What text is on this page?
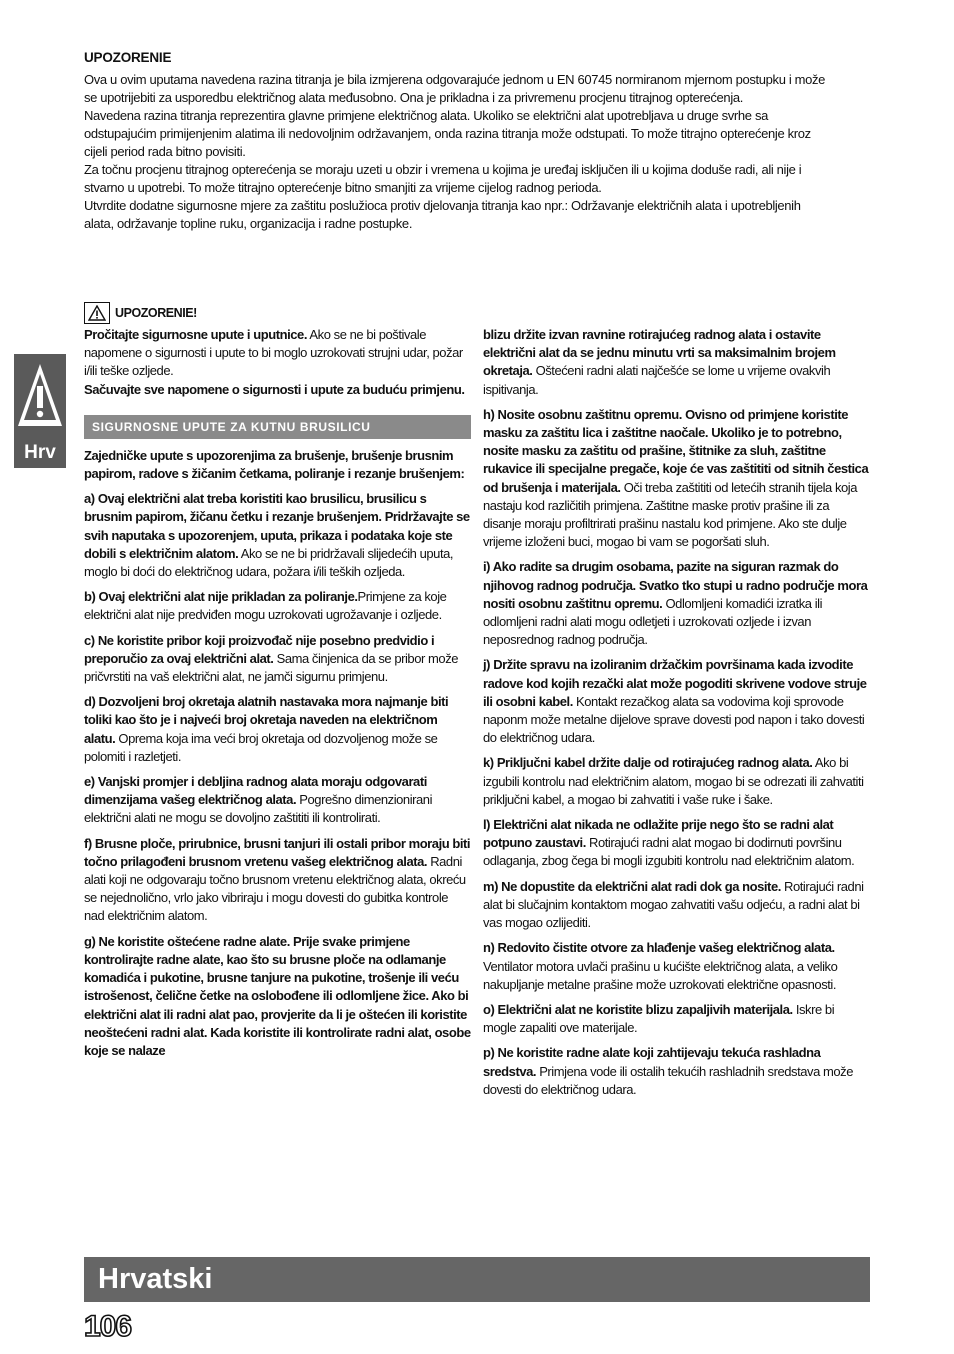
UPOZORENIE

Ova u ovim uputama navedena razina titranja je bila izmjerena odgovarajuće jednom u EN 60745 normiranom mjernom postupku i može

se upotrijebiti za usporedbu električnog alata međusobno. Ona je prikladna i za privremenu procjenu titrajnog opterećenja.

Navedena razina titranja reprezentira glavne primjene električnog alata. Ukoliko se električni alat upotrebljava u druge svrhe sa

odstupajućim primijenjenim alatima ili nedovoljnim održavanjem, onda razina titranja može odstupati. To može titrajno opterećenje kroz

cijeli period rada bitno povisiti.

Za točnu procjenu titrajnog opterećenja se moraju uzeti u obzir i vremena u kojima je uređaj isključen ili u kojima doduše radi, ali nije i

stvarno u upotrebi. To može titrajno opterećenje bitno smanjiti za vrijeme cijelog radnog perioda.

Utvrdite dodatne sigurnosne mjere za zaštitu poslužioca protiv djelovanja titranja kao npr.: Održavanje električnih alata i upotrebljenih

alata, održavanje topline ruku, organizacija i radne postupke.

Hrv
UPOZORENIE!

Pročitajte sigurnosne upute i uputnice. Ako se ne bi poštivale napomene o sigurnosti i upute to bi moglo uzrokovati strujni udar, požar i/ili teške ozljede.

Sačuvajte sve napomene o sigurnosti i upute za buduću primjenu.

SIGURNOSNE UPUTE ZA KUTNU BRUSILICU

Zajedničke upute s upozorenjima za brušenje, brušenje brusnim papirom, radove s žičanim četkama, poliranje i rezanje brušenjem:

a) Ovaj električni alat treba koristiti kao brusilicu, brusilicu s brusnim papirom, žičanu četku i rezanje brušenjem. Pridržavajte se svih naputaka s upozorenjem, uputa, prikaza i podataka koje ste dobili s električnim alatom. Ako se ne bi pridržavali slijedećih uputa, moglo bi doći do električnog udara, požara i/ili teških ozljeda.

b) Ovaj električni alat nije prikladan za poliranje.Primjene za koje električni alat nije predviđen mogu uzrokovati ugrožavanje i ozljede.

c) Ne koristite pribor koji proizvođač nije posebno predvidio i preporučio za ovaj električni alat. Sama činjenica da se pribor može pričvrstiti na vaš električni alat, ne jamči sigurnu primjenu.

d) Dozvoljeni broj okretaja alatnih nastavaka mora najmanje biti toliki kao što je i najveći broj okretaja naveden na električnom alatu. Oprema koja ima veći broj okretaja od dozvoljenog može se polomiti i razletjeti.

e) Vanjski promjer i debljina radnog alata moraju odgovarati dimenzijama vašeg električnog alata. Pogrešno dimenzionirani električni alati ne mogu se dovoljno zaštititi ili kontrolirati.

f) Brusne ploče, prirubnice, brusni tanjuri ili ostali pribor moraju biti točno prilagođeni brusnom vretenu vašeg električnog alata. Radni alati koji ne odgovaraju točno brusnom vretenu električnog alata, okreću se nejednolično, vrlo jako vibriraju i mogu dovesti do gubitka kontrole nad električnim alatom.

g) Ne koristite oštećene radne alate. Prije svake primjene kontrolirajte radne alate, kao što su brusne ploče na odlamanje komadića i pukotine, brusne tanjure na pukotine, trošenje ili veću istrošenost, čelične četke na oslobođene ili odlomljene žice. Ako bi električni alat ili radni alat pao, provjerite da li je oštećen ili koristite neoštećeni radni alat. Kada koristite ili kontrolirate radni alat, osobe koje se nalaze

blizu držite izvan ravnine rotirajućeg radnog alata i ostavite električni alat da se jednu minutu vrti sa maksimalnim brojem okretaja. Oštećeni radni alati najčešće se lome u vrijeme ovakvih ispitivanja.

h) Nosite osobnu zaštitnu opremu. Ovisno od primjene koristite masku za zaštitu lica i zaštitne naočale. Ukoliko je to potrebno, nosite masku za zaštitu od prašine, štitnike za sluh, zaštitne rukavice ili specijalne pregače, koje će vas zaštititi od sitnih čestica od brušenja i materijala. Oči treba zaštititi od letećih stranih tijela koja nastaju kod različitih primjena. Zaštitne maske protiv prašine ili za disanje moraju profiltrirati prašinu nastalu kod primjene. Ako ste dulje vrijeme izloženi buci, mogao bi vam se pogoršati sluh.

i) Ako radite sa drugim osobama, pazite na siguran razmak do njihovog radnog područja. Svatko tko stupi u radno područje mora nositi osobnu zaštitnu opremu. Odlomljeni komadići izratka ili odlomljeni radni alati mogu odletjeti i uzrokovati ozljede i izvan neposrednog radnog područja.

j) Držite spravu na izoliranim držačkim površinama kada izvodite radove kod kojih rezački alat može pogoditi skrivene vodove struje ili osobni kabel. Kontakt rezačkog alata sa vodovima koji sprovode naponm može metalne dijelove sprave dovesti pod napon i tako dovesti do električnog udara.

k) Priključni kabel držite dalje od rotirajućeg radnog alata. Ako bi izgubili kontrolu nad električnim alatom, mogao bi se odrezati ili zahvatiti priključni kabel, a mogao bi zahvatiti i vaše ruke i šake.

l) Električni alat nikada ne odlažite prije nego što se radni alat potpuno zaustavi. Rotirajući radni alat mogao bi dodirnuti površinu odlaganja, zbog čega bi mogli izgubiti kontrolu nad električnim alatom.

m) Ne dopustite da električni alat radi dok ga nosite. Rotirajući radni alat bi slučajnim kontaktom mogao zahvatiti vašu odjeću, a radni alat bi vas mogao ozlijediti.

n) Redovito čistite otvore za hlađenje vašeg električnog alata. Ventilator motora uvlači prašinu u kućište električnog alata, a veliko nakupljanje metalne prašine može uzrokovati električne opasnosti.

o) Električni alat ne koristite blizu zapaljivih materijala. Iskre bi mogle zapaliti ove materijale.

p) Ne koristite radne alate koji zahtijevaju tekuća rashladna sredstva. Primjena vode ili ostalih tekućih rashladnih sredstava može dovesti do električnog udara.

Hrvatski
106
